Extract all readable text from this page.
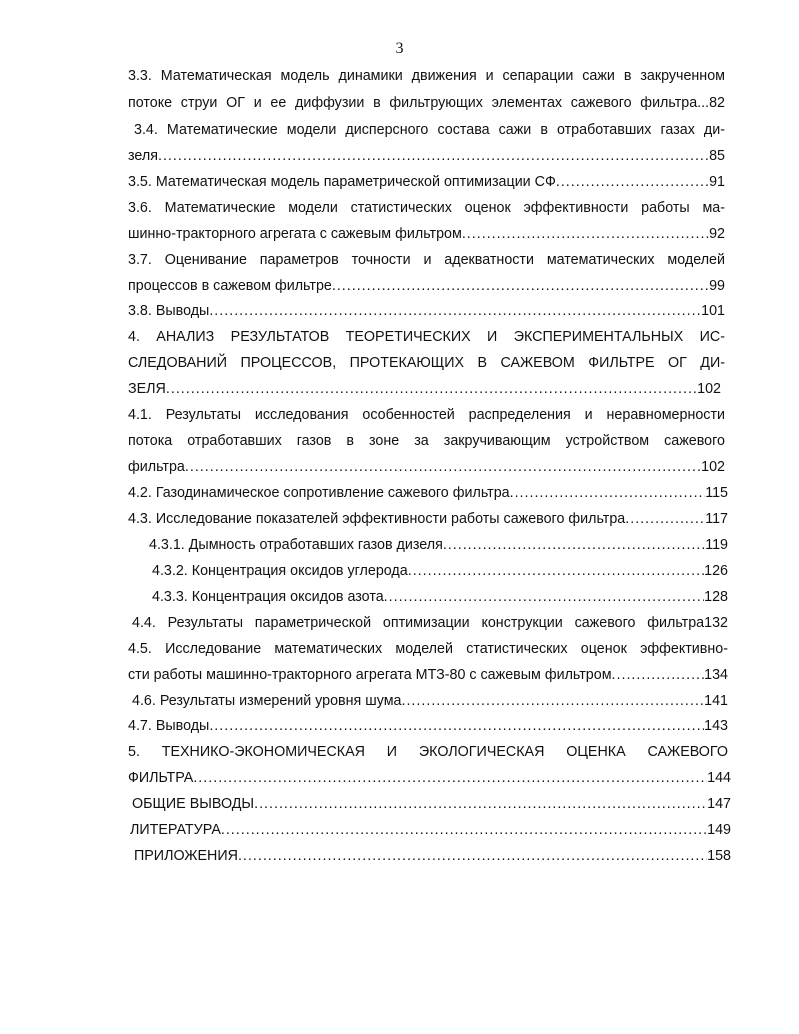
3
3.3. Математическая модель динамики движения и сепарации сажи в закрученном
потоке струи ОГ и ее диффузии в фильтрующих элементах сажевого фильтра...82
3.4. Математические модели дисперсного состава сажи в отработавших газах ди-
зеля .....	85
3.5. Математическая модель параметрической оптимизации СФ .....	91
3.6. Математические модели статистических оценок эффективности работы ма-
шинно-тракторного агрегата с сажевым фильтром .....	92
3.7. Оценивание параметров точности и адекватности математических моделей
процессов в сажевом фильтре .....	99
3.8. Выводы .....	101
4. АНАЛИЗ РЕЗУЛЬТАТОВ ТЕОРЕТИЧЕСКИХ И ЭКСПЕРИМЕНТАЛЬНЫХ ИС-
СЛЕДОВАНИЙ ПРОЦЕССОВ, ПРОТЕКАЮЩИХ В САЖЕВОМ ФИЛЬТРЕ ОГ ДИ-
ЗЕЛЯ .....	102
4.1. Результаты исследования особенностей распределения и неравномерности
потока отработавших газов в зоне за закручивающим устройством сажевого
фильтра .....	102
4.2. Газодинамическое сопротивление сажевого фильтра .....	115
4.3. Исследование показателей эффективности работы сажевого фильтра .....	117
4.3.1. Дымность отработавших газов дизеля .....	119
4.3.2. Концентрация оксидов углерода .....	126
4.3.3. Концентрация оксидов азота .....	128
4.4. Результаты параметрической оптимизации конструкции сажевого фильтра132
4.5. Исследование математических моделей статистических оценок эффективно-
сти работы машинно-тракторного агрегата МТЗ-80 с сажевым фильтром .....	134
4.6. Результаты измерений уровня шума .....	141
4.7. Выводы .....	143
5. ТЕХНИКО-ЭКОНОМИЧЕСКАЯ И ЭКОЛОГИЧЕСКАЯ ОЦЕНКА САЖЕВОГО
ФИЛЬТРА .....	144
ОБЩИЕ ВЫВОДЫ .....	147
ЛИТЕРАТУРА .....	149
ПРИЛОЖЕНИЯ .....	158
